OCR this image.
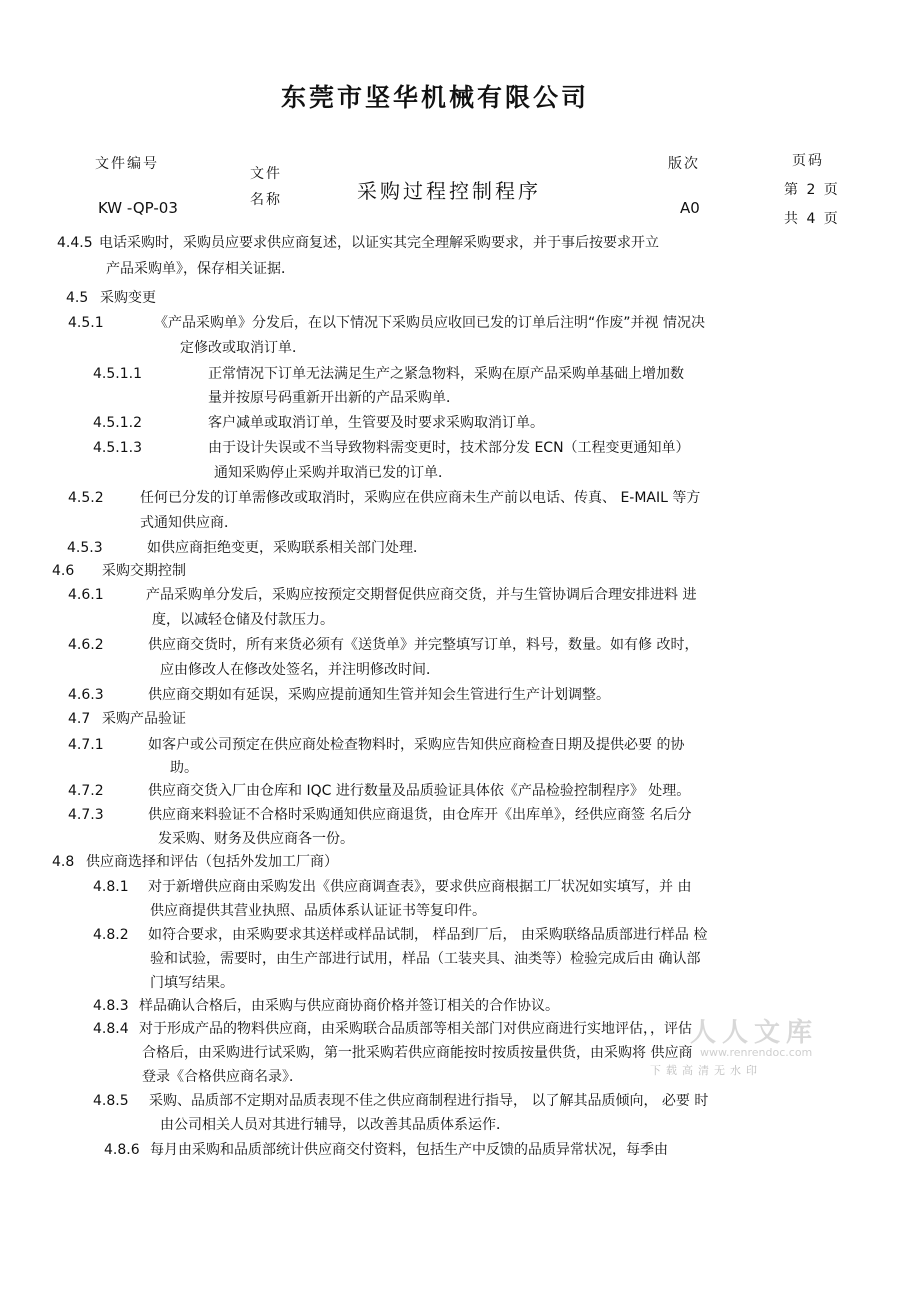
东莞市坚华机械有限公司
文件编号
KW -QP-03
文件
名称	采购过程控制程序
版次
A0
页码
第 2 页
共 4 页
4.4.5 电话采购时，采购员应要求供应商复述，以证实其完全理解采购要求，并于事后按要求开立
产品采购单》，保存相关证据．
4.5 采购变更
4.5.1	《产品采购单》分发后，在以下情况下采购员应收回已发的订单后注明“作废”并视 情况决
定修改或取消订单．
4.5.1.1	正常情况下订单无法满足生产之紧急物料，采购在原产品采购单基础上增加数
量并按原号码重新开出新的产品采购单．
4.5.1.2	客户减单或取消订单，生管要及时要求采购取消订单。
4.5.1.3	由于设计失误或不当导致物料需变更时，技术部分发 ECN（工程变更通知单）
通知采购停止采购并取消已发的订单．
4.5.2	任何已分发的订单需修改或取消时，采购应在供应商未生产前以电话、传真、 E-MAIL 等方
式通知供应商．
4.5.3	如供应商拒绝变更，采购联系相关部门处理．
4.6 采购交期控制
4.6.1	产品采购单分发后，采购应按预定交期督促供应商交货，并与生管协调后合理安排进料 进
度，以减轻仓储及付款压力。
4.6.2	供应商交货时，所有来货必须有《送货单》并完整填写订单，料号，数量。如有修 改时，
应由修改人在修改处签名，并注明修改时间．
4.6.3	供应商交期如有延误，采购应提前通知生管并知会生管进行生产计划调整。
4.7 采购产品验证
4.7.1	如客户或公司预定在供应商处检查物料时，采购应告知供应商检查日期及提供必要 的协
助。
4.7.2	供应商交货入厂由仓库和 IQC 进行数量及品质验证具体依《产品检验控制程序》 处理。
4.7.3	供应商来料验证不合格时采购通知供应商退货，由仓库开《出库单》，经供应商签 名后分
发采购、财务及供应商各一份。
4.8 供应商选择和评估（包括外发加工厂商）
4.8.1 对于新增供应商由采购发出《供应商调查表》，要求供应商根据工厂状况如实填写，并 由
供应商提供其营业执照、品质体系认证证书等复印件。
4.8.2 如符合要求，由采购要求其送样或样品试制， 样品到厂后， 由采购联络品质部进行样品 检
验和试验，需要时，由生产部进行试用，样品（工装夹具、油类等）检验完成后由 确认部
门填写结果。
4.8.3 样品确认合格后，由采购与供应商协商价格并签订相关的合作协议。
4.8.4 对于形成产品的物料供应商，由采购联合品质部等相关部门对供应商进行实地评估，，评估
合格后，由采购进行试采购，第一批采购若供应商能按时按质按量供货，由采购将 供应商
登录《合格供应商名录》．
4.8.5 采购、品质部不定期对品质表现不佳之供应商制程进行指导， 以了解其品质倾向， 必要 时
由公司相关人员对其进行辅导，以改善其品质体系运作．
4.8.6 每月由采购和品质部统计供应商交付资料，包括生产中反馈的品质异常状况，每季由
人人文库
www.renrendoc.com
下载高清无水印
